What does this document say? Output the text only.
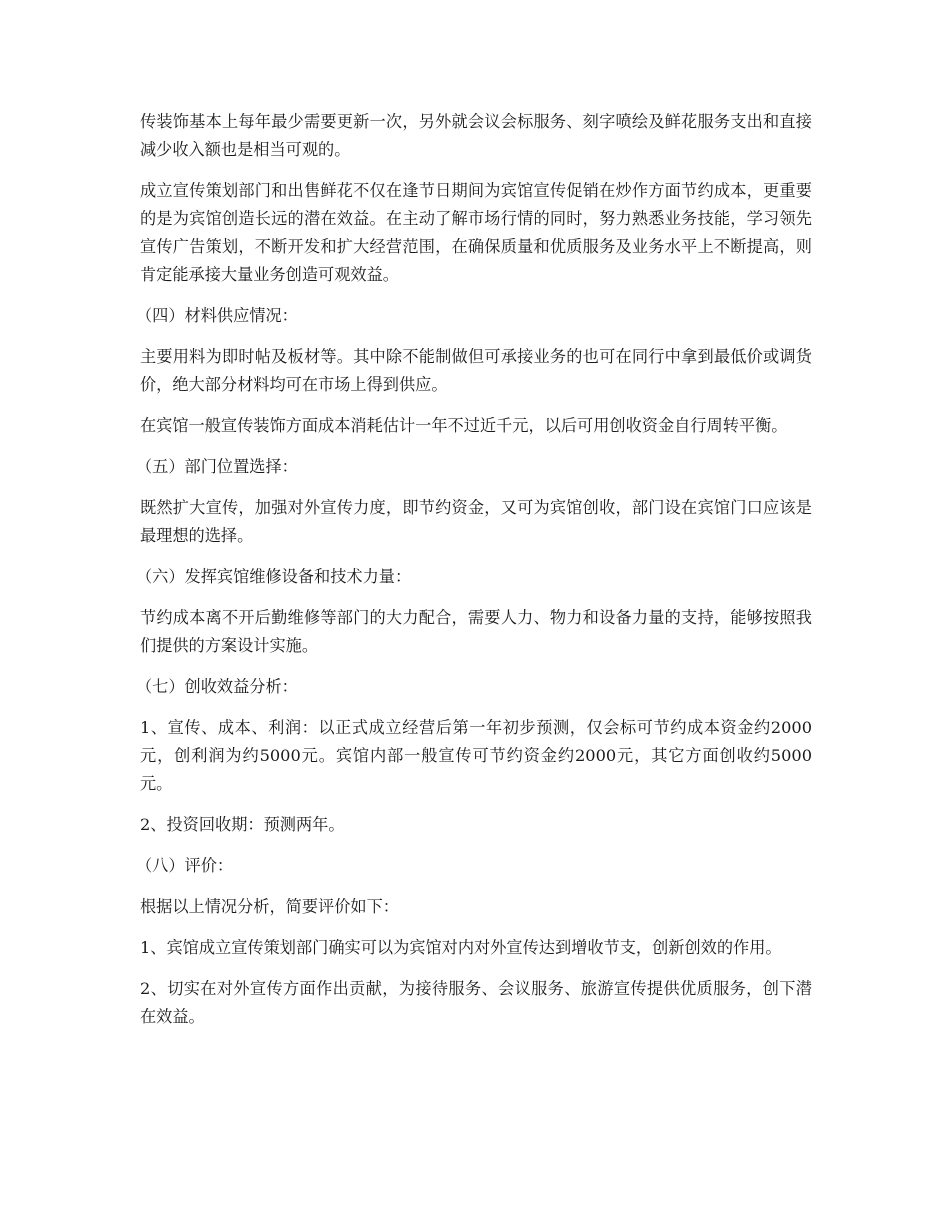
传装饰基本上每年最少需要更新一次，另外就会议会标服务、刻字喷绘及鲜花服务支出和直接减少收入额也是相当可观的。

成立宣传策划部门和出售鲜花不仅在逢节日期间为宾馆宣传促销在炒作方面节约成本，更重要的是为宾馆创造长远的潜在效益。在主动了解市场行情的同时，努力熟悉业务技能，学习领先宣传广告策划，不断开发和扩大经营范围，在确保质量和优质服务及业务水平上不断提高，则肯定能承接大量业务创造可观效益。

（四）材料供应情况：

主要用料为即时帖及板材等。其中除不能制做但可承接业务的也可在同行中拿到最低价或调货价，绝大部分材料均可在市场上得到供应。

在宾馆一般宣传装饰方面成本消耗估计一年不过近千元，以后可用创收资金自行周转平衡。

（五）部门位置选择：

既然扩大宣传，加强对外宣传力度，即节约资金，又可为宾馆创收，部门设在宾馆门口应该是最理想的选择。

（六）发挥宾馆维修设备和技术力量：

节约成本离不开后勤维修等部门的大力配合，需要人力、物力和设备力量的支持，能够按照我们提供的方案设计实施。

（七）创收效益分析：

1、宣传、成本、利润：以正式成立经营后第一年初步预测，仅会标可节约成本资金约2000元，创利润为约5000元。宾馆内部一般宣传可节约资金约2000元，其它方面创收约5000元。

2、投资回收期：预测两年。

（八）评价：

根据以上情况分析，简要评价如下：

1、宾馆成立宣传策划部门确实可以为宾馆对内对外宣传达到增收节支，创新创效的作用。

2、切实在对外宣传方面作出贡献，为接待服务、会议服务、旅游宣传提供优质服务，创下潜在效益。
